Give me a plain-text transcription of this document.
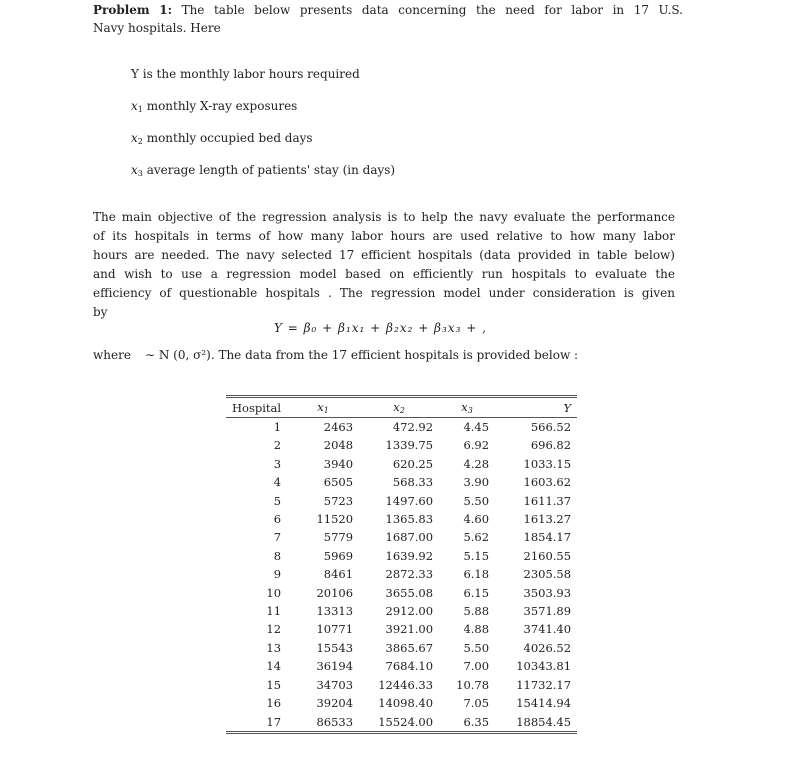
Problem 1: The table below presents data concerning the need for labor in 17 U.S.
Navy hospitals. Here
Y is the monthly labor hours required
$x_1$ monthly X-ray exposures
$x_2$ monthly occupied bed days
$x_3$ average length of patients' stay (in days)
The main objective of the regression analysis is to help the navy evaluate the performance
of its hospitals in terms of how many labor hours are used relative to how many labor
hours are needed. The navy selected 17 efficient hospitals (data provided in table below)
and wish to use a regression model based on efficiently run hospitals to evaluate the
efficiency of questionable hospitals . The regression model under consideration is given
by
Y = β₀ + β₁x₁ + β₂x₂ + β₃x₃ + ,
where ∼ N (0, σ²). The data from the 17 efficient hospitals is provided below :
Hospital	$x_1$	$x_2$	$x_3$	Y
1	2463	472.92	4.45	566.52
2	2048	1339.75	6.92	696.82
3	3940	620.25	4.28	1033.15
4	6505	568.33	3.90	1603.62
5	5723	1497.60	5.50	1611.37
6	11520	1365.83	4.60	1613.27
7	5779	1687.00	5.62	1854.17
8	5969	1639.92	5.15	2160.55
9	8461	2872.33	6.18	2305.58
10	20106	3655.08	6.15	3503.93
11	13313	2912.00	5.88	3571.89
12	10771	3921.00	4.88	3741.40
13	15543	3865.67	5.50	4026.52
14	36194	7684.10	7.00	10343.81
15	34703	12446.33	10.78	11732.17
16	39204	14098.40	7.05	15414.94
17	86533	15524.00	6.35	18854.45
